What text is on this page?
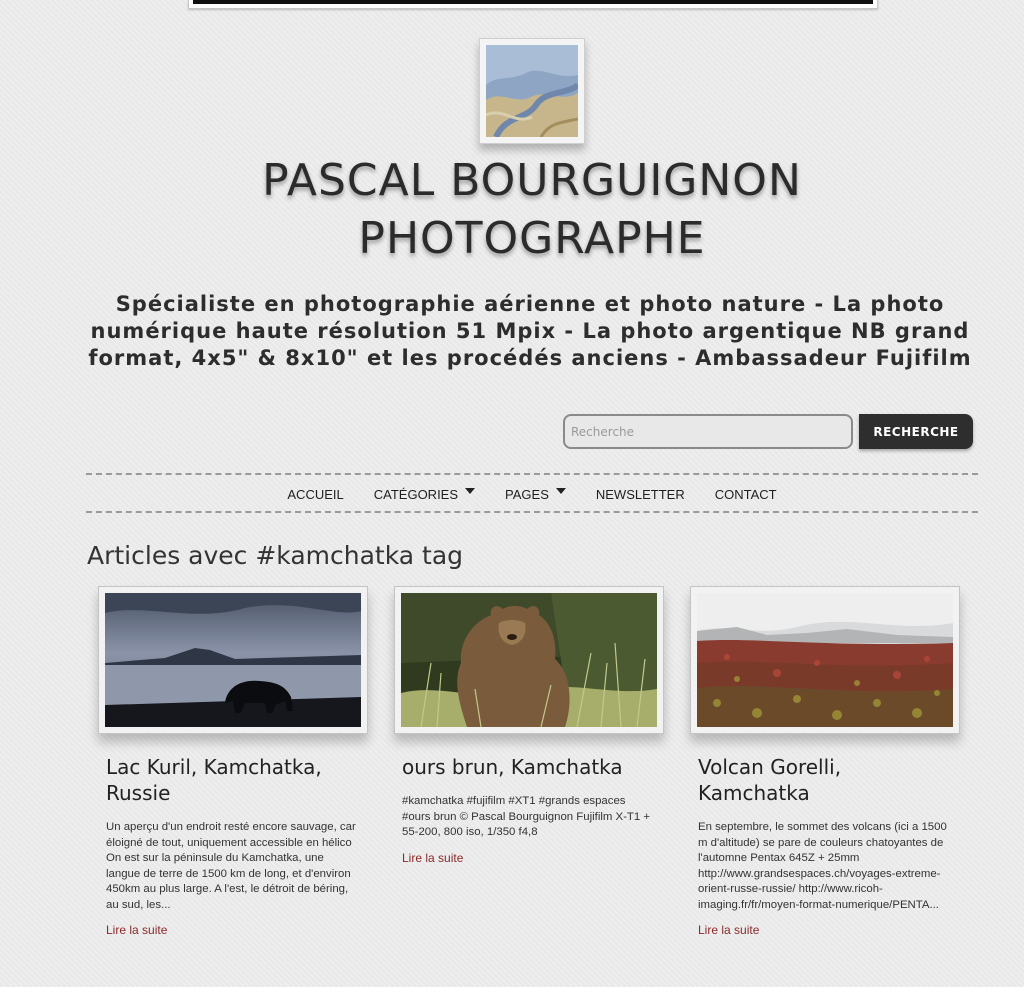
PASCAL BOURGUIGNON
PHOTOGRAPHE
Spécialiste en photographie aérienne et photo nature - La photo numérique haute résolution 51 Mpix - La photo argentique NB grand format, 4x5" & 8x10" et les procédés anciens - Ambassadeur Fujifilm
Recherche
RECHERCHE
ACCUEIL CATÉGORIES	PAGES	NEWSLETTER CONTACT
Articles avec #kamchatka tag
Lac Kuril, Kamchatka, Russie
Un aperçu d'un endroit resté encore sauvage, car éloigné de tout, uniquement accessible en hélico On est sur la péninsule du Kamchatka, une langue de terre de 1500 km de long, et d'environ 450km au plus large. A l'est, le détroit de béring, au sud, les...
Lire la suite
ours brun, Kamchatka
#kamchatka #fujifilm #XT1 #grands espaces #ours brun © Pascal Bourguignon Fujifilm X-T1 + 55-200, 800 iso, 1/350 f4,8
Lire la suite
Volcan Gorelli, Kamchatka
En septembre, le sommet des volcans (ici a 1500 m d'altitude) se pare de couleurs chatoyantes de l'automne Pentax 645Z + 25mm http://www.grandsespaces.ch/voyages-extreme-orient-russe-russie/ http://www.ricoh-imaging.fr/fr/moyen-format-numerique/PENTA...
Lire la suite
